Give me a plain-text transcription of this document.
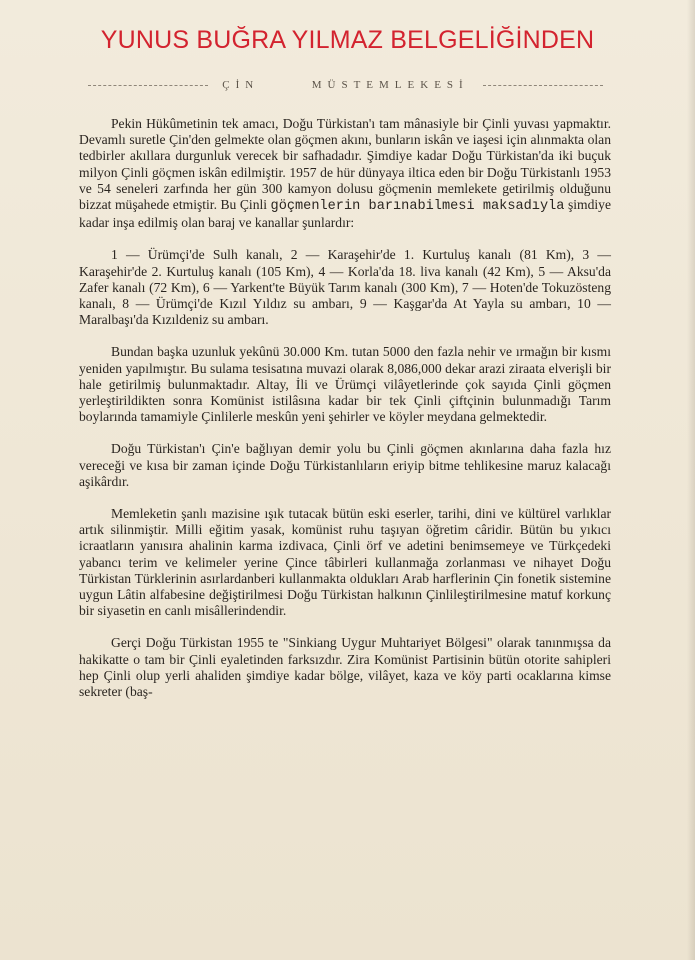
YUNUS BUĞRA YILMAZ BELGELİĞİNDEN
ÇİN	MÜSTEMLEKESİ

Pekin Hükûmetinin tek amacı, Doğu Türkistan'ı tam mânasiyle bir Çinli yuvası yapmaktır. Devamlı suretle Çin'den gelmekte olan göçmen akını, bunların iskân ve iaşesi için alınmakta olan tedbirler akıllara durgunluk verecek bir safhadadır. Şimdiye kadar Doğu Türkistan'da iki buçuk milyon Çinli göçmen iskân edilmiştir. 1957 de hür dünyaya iltica eden bir Doğu Türkistanlı 1953 ve 54 seneleri zarfında her gün 300 kamyon dolusu göçmenin memlekete getirilmiş olduğunu bizzat müşahede etmiştir. Bu Çinli göçmenlerin barınabilmesi maksadıyla şimdiye kadar inşa edilmiş olan baraj ve kanallar şunlardır:

1 — Ürümçi'de Sulh kanalı, 2 — Karaşehir'de 1. Kurtuluş kanalı (81 Km), 3 — Karaşehir'de 2. Kurtuluş kanalı (105 Km), 4 — Korla'da 18. liva kanalı (42 Km), 5 — Aksu'da Zafer kanalı (72 Km), 6 — Yarkent'te Büyük Tarım kanalı (300 Km), 7 — Hoten'de Tokuzösteng kanalı, 8 — Ürümçi'de Kızıl Yıldız su ambarı, 9 — Kaşgar'da At Yayla su ambarı, 10 — Maralbaşı'da Kızıldeniz su ambarı.

Bundan başka uzunluk yekûnü 30.000 Km. tutan 5000 den fazla nehir ve ırmağın bir kısmı yeniden yapılmıştır. Bu sulama tesisatına muvazi olarak 8,086,000 dekar arazi ziraata elverişli bir hale getirilmiş bulunmaktadır. Altay, İli ve Ürümçi vilâyetlerinde çok sayıda Çinli göçmen yerleştirildikten sonra Komünist istilâsına kadar bir tek Çinli çiftçinin bulunmadığı Tarım boylarında tamamiyle Çinlilerle meskûn yeni şehirler ve köyler meydana gelmektedir.

Doğu Türkistan'ı Çin'e bağlıyan demir yolu bu Çinli göçmen akınlarına daha fazla hız vereceği ve kısa bir zaman içinde Doğu Türkistanlıların eriyip bitme tehlikesine maruz kalacağı aşikârdır.

Memleketin şanlı mazisine ışık tutacak bütün eski eserler, tarihi, dini ve kültürel varlıklar artık silinmiştir. Milli eğitim yasak, komünist ruhu taşıyan öğretim câridir. Bütün bu yıkıcı icraatların yanısıra ahalinin karma izdivaca, Çinli örf ve adetini benimsemeye ve Türkçedeki yabancı terim ve kelimeler yerine Çince tâbirleri kullanmağa zorlanması ve nihayet Doğu Türkistan Türklerinin asırlardanberi kullanmakta oldukları Arab harflerinin Çin fonetik sistemine uygun Lâtin alfabesine değiştirilmesi Doğu Türkistan halkının Çinlileştirilmesine matuf korkunç bir siyasetin en canlı misâllerindendir.

Gerçi Doğu Türkistan 1955 te "Sinkiang Uygur Muhtariyet Bölgesi" olarak tanınmışsa da hakikatte o tam bir Çinli eyaletinden farksızdır. Zira Komünist Partisinin bütün otorite sahipleri hep Çinli olup yerli ahaliden şimdiye kadar bölge, vilâyet, kaza ve köy parti ocaklarına kimse sekreter (baş-
